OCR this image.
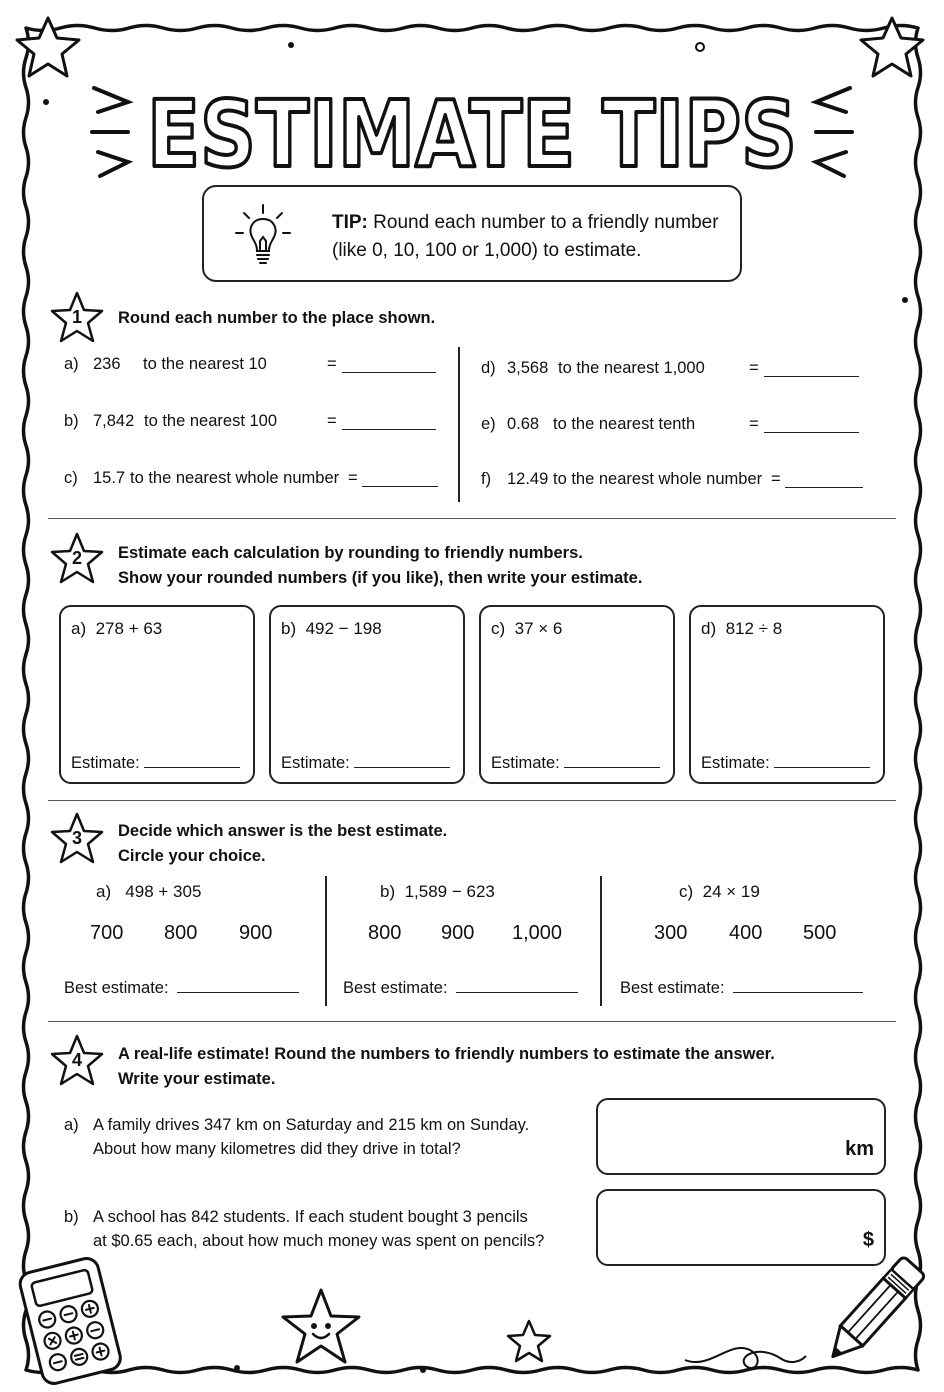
ESTIMATE TIPS
TIP: Round each number to a friendly number
(like 0, 10, 100 or 1,000) to estimate.
1	Round each number to the place shown.
a) 236 to the nearest 10	=
b) 7,842 to the nearest 100	=
c) 15.7 to the nearest whole number =
d) 3,568 to the nearest 1,000	=
e) 0.68 to the nearest tenth	=
f) 12.49 to the nearest whole number =
2	Estimate each calculation by rounding to friendly numbers.
Show your rounded numbers (if you like), then write your estimate.
a) 278 + 63
Estimate:
b) 492 − 198
Estimate:
c) 37 × 6
Estimate:
d) 812 ÷ 8
Estimate:
3	Decide which answer is the best estimate.
Circle your choice.
a) 498 + 305
700 800 900
Best estimate:
b) 1,589 − 623
800 900 1,000
Best estimate:
c) 24 × 19
300 400 500
Best estimate:
4	A real-life estimate! Round the numbers to friendly numbers to estimate the answer.
Write your estimate.
a) A family drives 347 km on Saturday and 215 km on Sunday.
About how many kilometres did they drive in total?	km
b) A school has 842 students. If each student bought 3 pencils
at $0.65 each, about how much money was spent on pencils?	$
